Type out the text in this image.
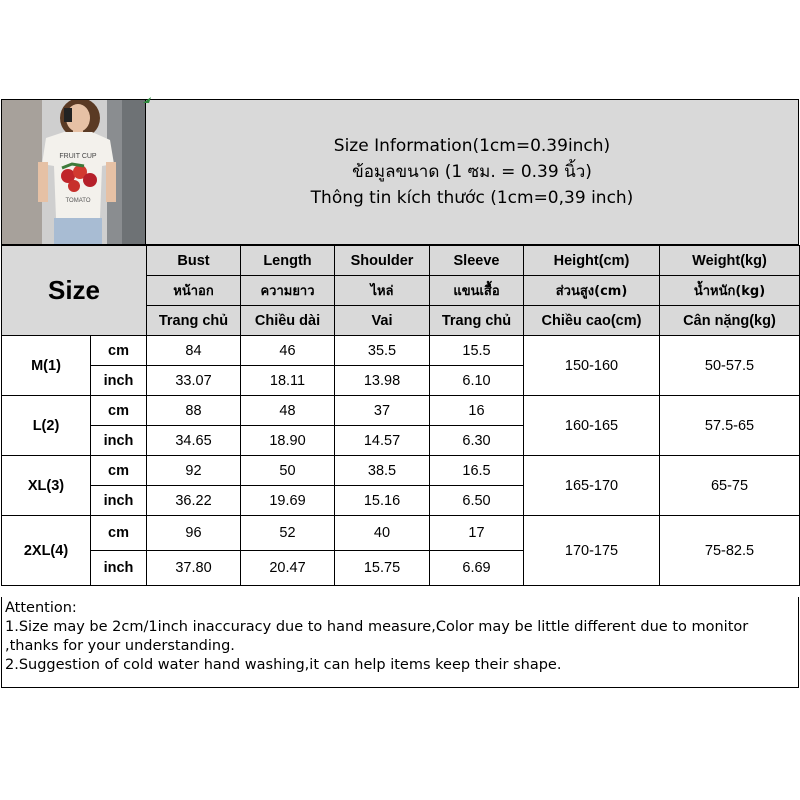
FRUIT CUP
TOMATO
Size Information(1cm=0.39inch)
ข้อมูลขนาด (1 ซม. = 0.39 นิ้ว)
Thông tin kích thước (1cm=0,39 inch)
Size		Bust	Length	Shoulder	Sleeve	Height(cm)	Weight(kg)
		หน้าอก	ความยาว	ไหล่	แขนเสื้อ	ส่วนสูง(cm)	น้ำหนัก(kg)
		Trang chủ	Chiều dài	Vai	Trang chủ	Chiều cao(cm)	Cân nặng(kg)
M(1)	cm	84	46	35.5	15.5	150-160	50-57.5
	inch	33.07	18.11	13.98	6.10		
L(2)	cm	88	48	37	16	160-165	57.5-65
	inch	34.65	18.90	14.57	6.30		
XL(3)	cm	92	50	38.5	16.5	165-170	65-75
	inch	36.22	19.69	15.16	6.50		
2XL(4)	cm	96	52	40	17	170-175	75-82.5
	inch	37.80	20.47	15.75	6.69		

Attention:

1.Size may be 2cm/1inch inaccuracy due to hand measure,Color may be little different due to monitor ,thanks for your understanding.

2.Suggestion of cold water hand washing,it can help items keep their shape.
